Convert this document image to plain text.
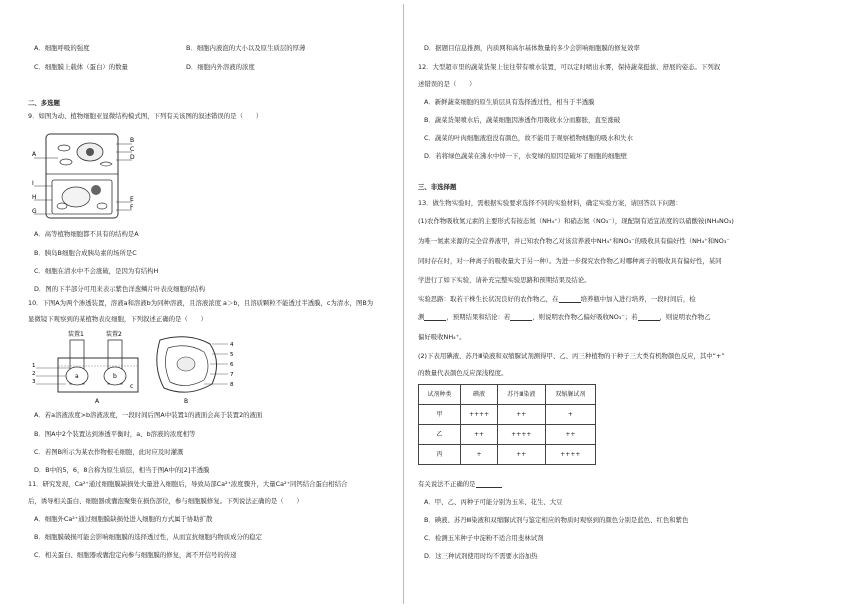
A．细胞呼吸的强度	B．细胞内液泡的大小以及原生质层的厚薄
C．细胞膜上载体（蛋白）的数量	D．细胞内外溶液的浓度
二、多选题
9．如图为动、植物细胞亚显微结构模式图，下列有关该图的叙述错误的是（　　）
A
B
C
D
I
H
G
E
F
A．高等植物细胞都不具有的结构是A
B．胰岛B细胞合成胰岛素的场所是C
C．细胞在清水中不会涨破，是因为有结构H
D．图的下半部分可用来表示紫色洋葱鳞片叶表皮细胞的结构
10．下图A为两个渗透装置，溶液a和溶液b为同种溶液，且溶液浓度 a＞b，且溶质颗粒不能透过半透膜，c为清水，图B为
显微镜下观察到的某植物表皮细胞，下列叙述正确的是（　　）
装置1	装置2
a	b
c
1
2
3
A
4
5
6
7
8
B
A．若a溶液浓度>b溶液浓度，一段时间后图A中装置1的液面会高于装置2的液面
B．图A中2个装置达到渗透平衡时，a、b溶液的浓度相等
C．若图B所示为某农作物根毛细胞，此时应及时灌溉
D．B中的5，6，8合称为原生质层，相当于图A中的[2]半透膜
11．研究发现，Ca²⁺通过细胞膜缺损处大量进入细胞后，导致局部Ca²⁺浓度骤升，大量Ca²⁺同钙结合蛋白相结合
后，诱导相关蛋白、细胞器或囊泡聚集在损伤部位，参与细胞膜修复。下列说法正确的是（　　）
A．细胞外Ca²⁺通过细胞膜缺损处进入细胞的方式属于协助扩散
B．细胞膜破损可能会影响细胞膜的选择透过性，从而宜抗细胞内物质成分的稳定
C．相关蛋白、细胞器或囊泡定向参与细胞膜的修复，离不开信号的传递
D．据题目信息推测，内质网和高尔基体数量的多少会影响细胞膜的修复效率
12．大型超市里的蔬菜货架上往往带有喷水装置，可以定时喷出水雾，保持蔬菜挺拔、舒展的姿态。下列叙
述错误的是（　　）
A．新鲜蔬菜细胞的原生质层具有选择透过性，相当于半透膜
B．蔬菜货架喷水后，蔬菜细胞因渗透作用吸收水分而膨胀，直至涨破
C．蔬菜的叶肉细胞液泡没有颜色，故不能用于观察植物细胞的吸水和失水
D．若将绿色蔬菜在沸水中焯一下，水变绿的原因是破坏了细胞的细胞壁
三、非选择题
13．做生物实验时，需根据实验要求选择不同的实验材料，确定实验方案，请回答以下问题：
(1)农作物吸收氮元素的主要形式有铵态氮（NH₄⁺）和硝态氮（NO₃⁻），现配制有适宜浓度的以硝酸铵(NH₄NO₃)
为唯一氮素来源的完全营养液甲，并已知农作物乙对该营养液中NH₄⁺和NO₃⁻的吸收具有偏好性（NH₄⁺和NO₃⁻
同时存在时，对一种离子的吸收量大于另一种）。为进一步探究农作物乙对哪种离子的吸收具有偏好性，某同
学进行了如下实验，请补充完整实验思路和预期结果及结论。
实验思路：取若干株生长状况良好的农作物乙，在	培养瓶中加入进行培养，一段时间后，检
测	，预期结果和结论：若	，则说明农作物乙偏好吸收NO₃⁻；若	，则说明农作物乙
偏好吸收NH₄⁺。
(2)下表用碘液、苏丹Ⅲ染液和双缩脲试剂测得甲、乙、丙三种植物的干种子三大类有机物颜色反应，其中“+”
的数量代表颜色反应深浅程度。
试剂种类	碘液	苏丹Ⅲ染液	双缩脲试剂
甲	++++	++	+
乙	++	++++	++
丙	+	++	++++
有关说法不正确的是
A．甲、乙、丙种子可能分别为玉米、花生、大豆
B．碘液、苏丹Ⅲ染液和双缩脲试剂与鉴定相应的物质时观察到的颜色分别是蓝色、红色和紫色
C．检测玉米种子中淀粉不适合用斐林试剂
D．这三种试剂使用时均不需要水浴加热
